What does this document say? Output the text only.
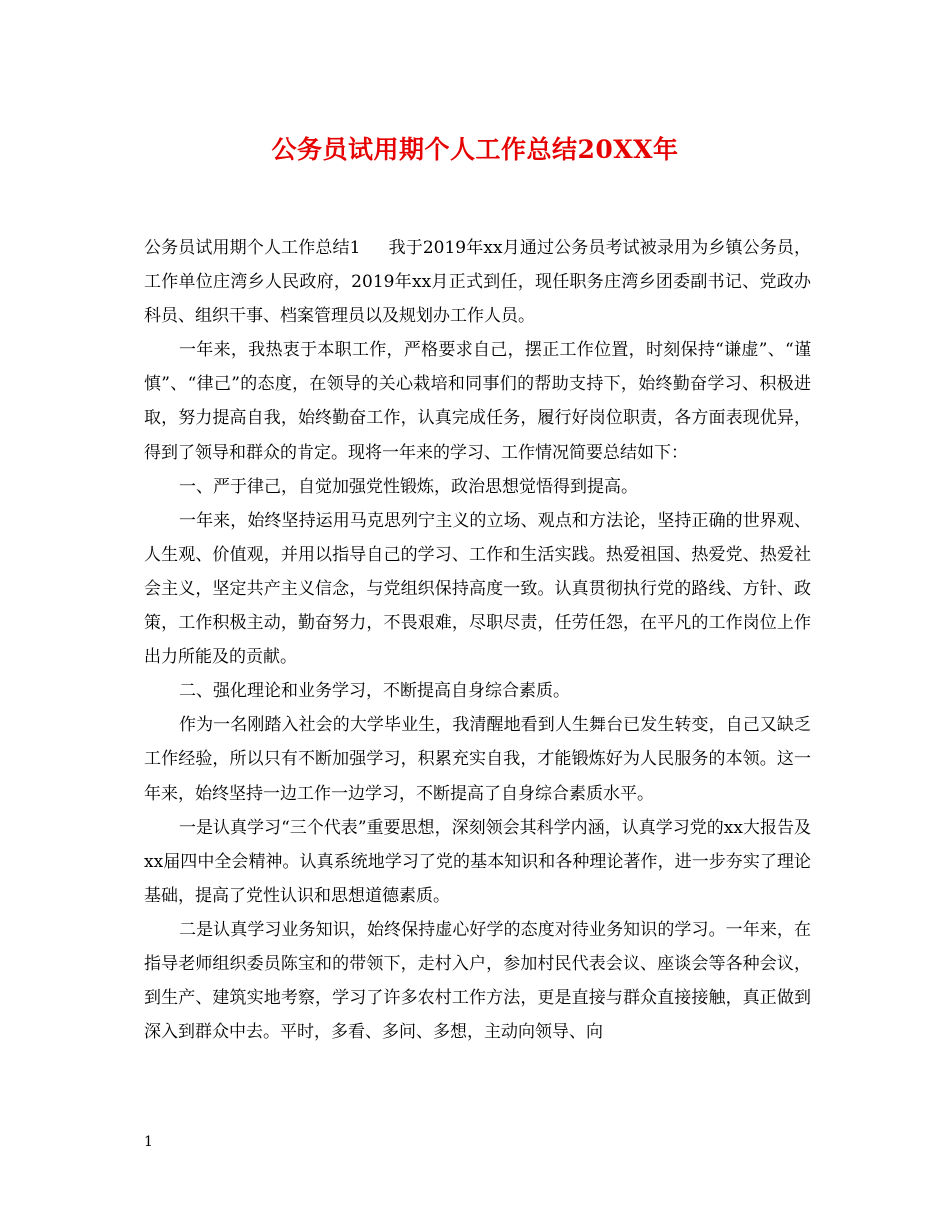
公务员试用期个人工作总结20XX年

公务员试用期个人工作总结1 我于2019年xx月通过公务员考试被录用为乡镇公务员，工作单位庄湾乡人民政府，2019年xx月正式到任，现任职务庄湾乡团委副书记、党政办科员、组织干事、档案管理员以及规划办工作人员。

一年来，我热衷于本职工作，严格要求自己，摆正工作位置，时刻保持“谦虚”、“谨慎”、“律己”的态度，在领导的关心栽培和同事们的帮助支持下，始终勤奋学习、积极进取，努力提高自我，始终勤奋工作，认真完成任务，履行好岗位职责，各方面表现优异，得到了领导和群众的肯定。现将一年来的学习、工作情况简要总结如下：

一、严于律己，自觉加强党性锻炼，政治思想觉悟得到提高。

一年来，始终坚持运用马克思列宁主义的立场、观点和方法论，坚持正确的世界观、人生观、价值观，并用以指导自己的学习、工作和生活实践。热爱祖国、热爱党、热爱社会主义，坚定共产主义信念，与党组织保持高度一致。认真贯彻执行党的路线、方针、政策，工作积极主动，勤奋努力，不畏艰难，尽职尽责，任劳任怨，在平凡的工作岗位上作出力所能及的贡献。

二、强化理论和业务学习，不断提高自身综合素质。

作为一名刚踏入社会的大学毕业生，我清醒地看到人生舞台已发生转变，自己又缺乏工作经验，所以只有不断加强学习，积累充实自我，才能锻炼好为人民服务的本领。这一年来，始终坚持一边工作一边学习，不断提高了自身综合素质水平。

一是认真学习“三个代表”重要思想，深刻领会其科学内涵，认真学习党的xx大报告及xx届四中全会精神。认真系统地学习了党的基本知识和各种理论著作，进一步夯实了理论基础，提高了党性认识和思想道德素质。

二是认真学习业务知识，始终保持虚心好学的态度对待业务知识的学习。一年来，在指导老师组织委员陈宝和的带领下，走村入户，参加村民代表会议、座谈会等各种会议，到生产、建筑实地考察，学习了许多农村工作方法，更是直接与群众直接接触，真正做到深入到群众中去。平时，多看、多问、多想，主动向领导、向

1
